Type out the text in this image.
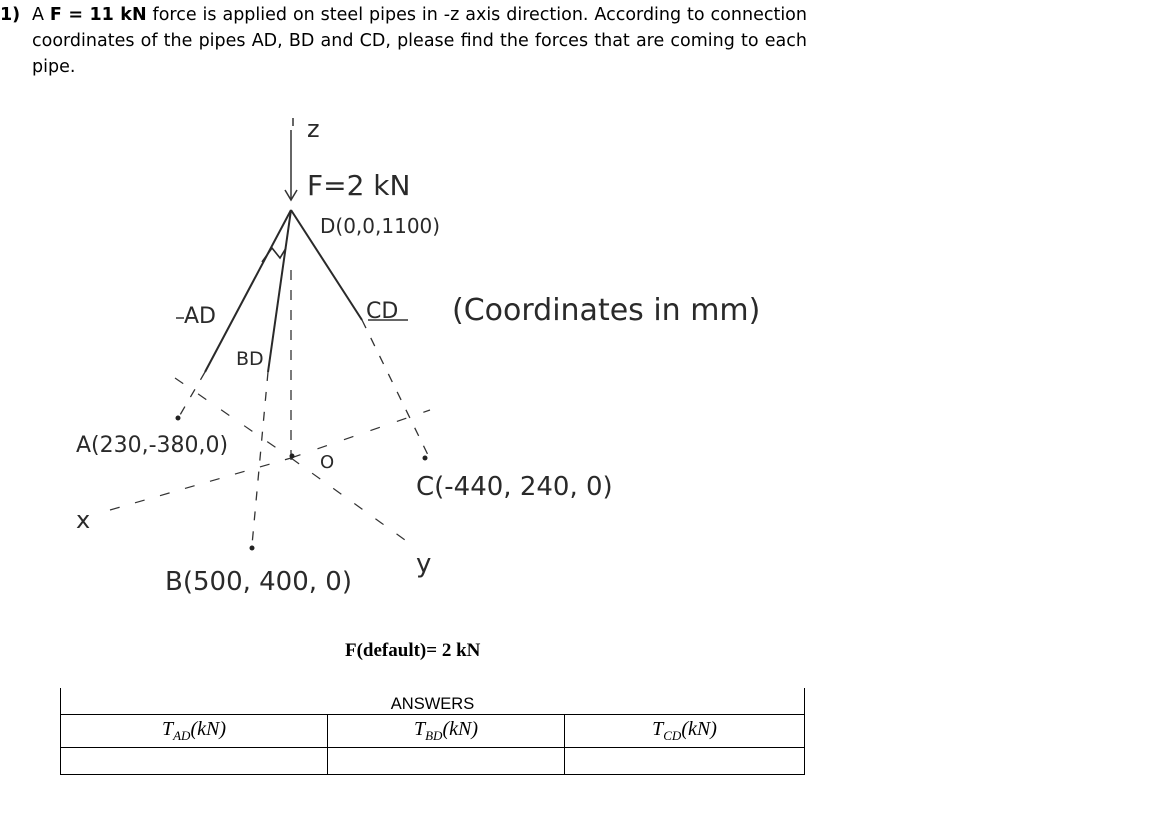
1) A F = 11 kN force is applied on steel pipes in -z axis direction. According to connection coordinates of the pipes AD, BD and CD, please find the forces that are coming to each pipe.
z
F=2 kN
D(0,0,1100)
AD
BD
CD (Coordinates in mm)
A(230,-380,0)
O
C(-440, 240, 0)
x
y
B(500, 400, 0)
F(default)= 2 kN
ANSWERS		
$T_{AD}(kN)$	$T_{BD}(kN)$	$T_{CD}(kN)$
